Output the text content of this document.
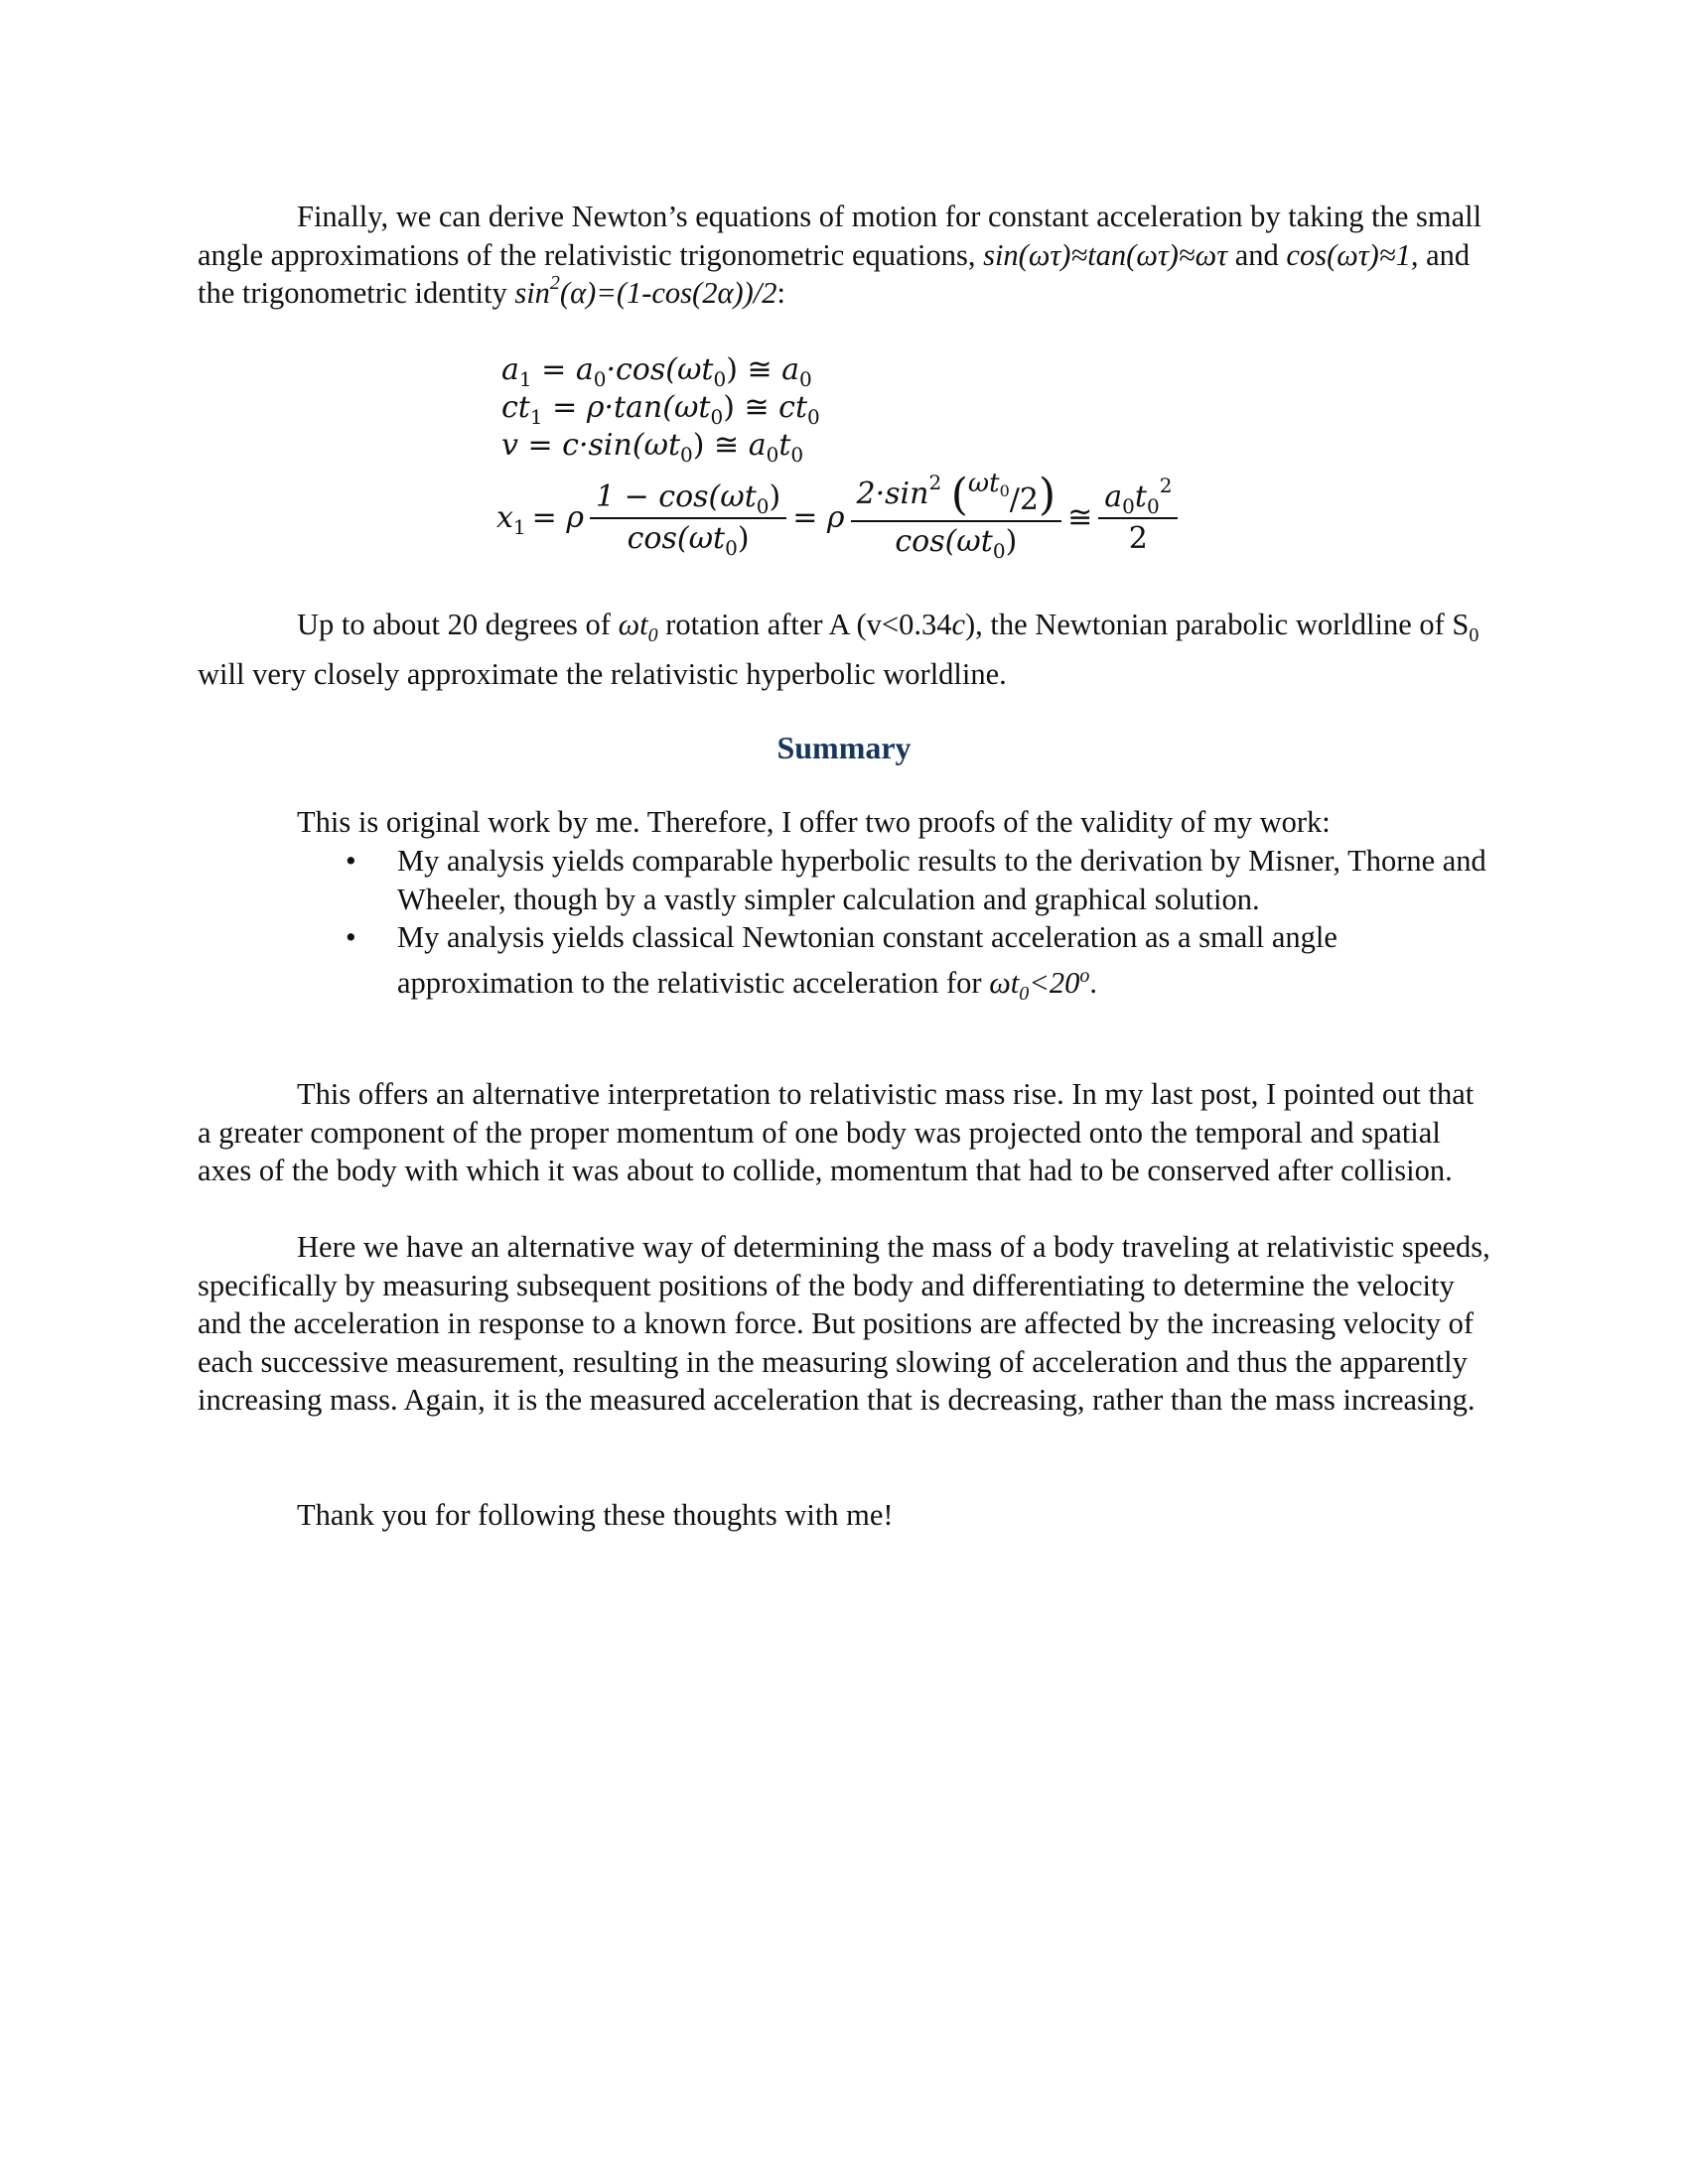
Finally, we can derive Newton’s equations of motion for constant acceleration by taking the small angle approximations of the relativistic trigonometric equations, sin(ωτ)≈tan(ωτ)≈ωτ and cos(ωτ)≈1, and the trigonometric identity $\sin^2(\alpha)=(1-\cos(2\alpha))/2$:

$a_1 = a_0\cdot\cos(\omega t_0)$ ≅ $a_0$
$ct_1 = \rho\cdot\tan(\omega t_0)$ ≅ $ct_0$
$v = c\cdot\sin(\omega t_0)$ ≅ $a_0t_0$
$x_1 = \rho \frac{1 - \cos(\omega t_0)}{\cos(\omega t_0)} = \rho \frac{2\cdot\sin^2 (^{\omega t_0}/2)}{\cos(\omega t_0)}$ ≅ $\frac{a_0t_0^2}{2}$

Up to about 20 degrees of $\omega t_0$ rotation after A (v<0.34c), the Newtonian parabolic worldline of $S_0$ will very closely approximate the relativistic hyperbolic worldline.

Summary

This is original work by me. Therefore, I offer two proofs of the validity of my work:

• My analysis yields comparable hyperbolic results to the derivation by Misner, Thorne and Wheeler, though by a vastly simpler calculation and graphical solution.
• My analysis yields classical Newtonian constant acceleration as a small angle approximation to the relativistic acceleration for $\omega t_0<20^o$.

This offers an alternative interpretation to relativistic mass rise. In my last post, I pointed out that a greater component of the proper momentum of one body was projected onto the temporal and spatial axes of the body with which it was about to collide, momentum that had to be conserved after collision.

Here we have an alternative way of determining the mass of a body traveling at relativistic speeds, specifically by measuring subsequent positions of the body and differentiating to determine the velocity and the acceleration in response to a known force. But positions are affected by the increasing velocity of each successive measurement, resulting in the measuring slowing of acceleration and thus the apparently increasing mass. Again, it is the measured acceleration that is decreasing, rather than the mass increasing.

Thank you for following these thoughts with me!
